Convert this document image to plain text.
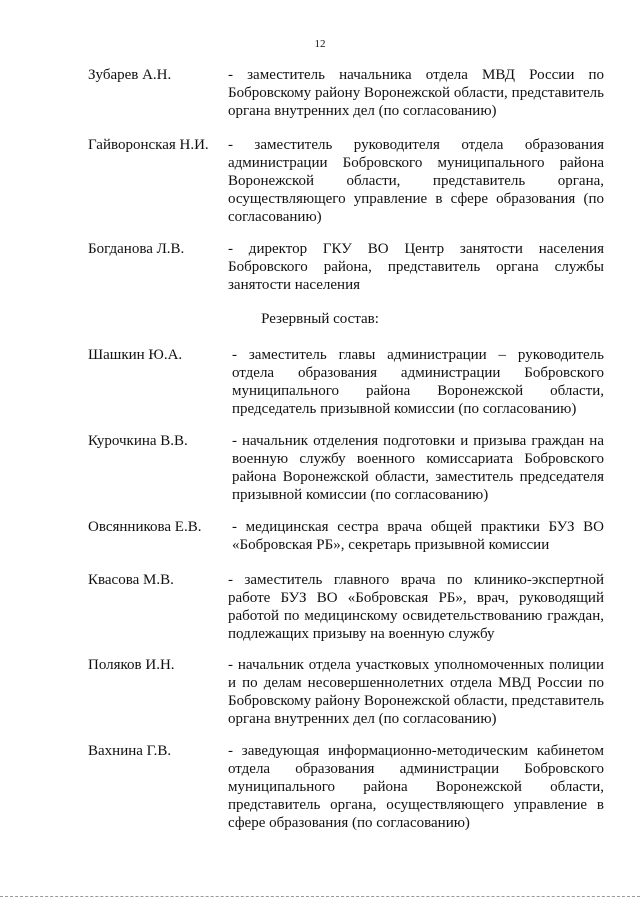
12
Зубарев А.Н.	- заместитель начальника отдела МВД России по Бобровскому району Воронежской области, представитель органа внутренних дел (по согласованию)
Гайворонская Н.И. - заместитель руководителя отдела образования администрации Бобровского муниципального района Воронежской области, представитель органа, осуществляющего управление в сфере образования (по согласованию)
Богданова Л.В.	- директор ГКУ ВО Центр занятости населения Бобровского района, представитель органа службы занятости населения
Резервный состав:
Шашкин Ю.А.	- заместитель главы администрации – руководитель отдела образования администрации Бобровского муниципального района Воронежской области, председатель призывной комиссии (по согласованию)
Курочкина В.В.	- начальник отделения подготовки и призыва граждан на военную службу военного комиссариата Бобровского района Воронежской области, заместитель председателя призывной комиссии (по согласованию)
Овсянникова Е.В. - медицинская сестра врача общей практики БУЗ ВО «Бобровская РБ», секретарь призывной комиссии
Квасова М.В.	- заместитель главного врача по клинико-экспертной работе БУЗ ВО «Бобровская РБ», врач, руководящий работой по медицинскому освидетельствованию граждан, подлежащих призыву на военную службу
Поляков И.Н.	- начальник отдела участковых уполномоченных полиции и по делам несовершеннолетних отдела МВД России по Бобровскому району Воронежской области, представитель органа внутренних дел (по согласованию)
Вахнина Г.В.	- заведующая информационно-методическим кабинетом отдела образования администрации Бобровского муниципального района Воронежской области, представитель органа, осуществляющего управление в сфере образования (по согласованию)
